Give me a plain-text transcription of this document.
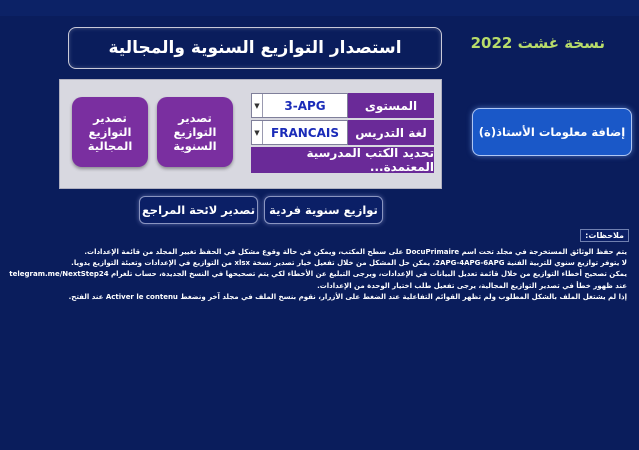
نسخة غشت 2022
استصدار التوازيع السنوية والمجالية
تصدير التوازيع المجالية
تصدير التوازيع السنوية
▼	3-APG	المستوى
▼ FRANCAIS	لغة التدريس
تحديد الكتب المدرسية المعتمدة...
إضافة معلومات الأستاذ(ة)
توازيع سنوية فردية
تصدير لائحة المراجع
ملاحظات:

يتم حفظ الوثائق المستخرجة في مجلد تحت اسم DocuPrimaire على سطح المكتب، ويمكن في حالة وقوع مشكل في الحفظ تغيير المجلد من قائمة الإعدادات.

لا يتوفر توازيع سنوي للتربية الفنية 2APG-4APG-6APG، يمكن حل المشكل من خلال تفعيل خيار تصدير نسخة xlsx من التوازيع في الإعدادات وتعبئة التوازيع يدويا.

يمكن تصحيح أخطاء التوازيع من خلال قائمة تعديل البيانات في الإعدادات، ويرجى التبليغ عن الأخطاء لكي يتم تصحيحها في النسخ الجديدة، حساب تلغرام telegram.me/NextStep24

عند ظهور خطأ في تصدير التوازيع المجالية، يرجى تفعيل طلب اختيار الوحدة من الإعدادات.

إذا لم يشتغل الملف بالشكل المطلوب ولم تظهر القوائم التفاعلية عند الضغط على الأزرار، نقوم بنسخ الملف في مجلد آخر ونضغط Activer le contenu عند الفتح.
